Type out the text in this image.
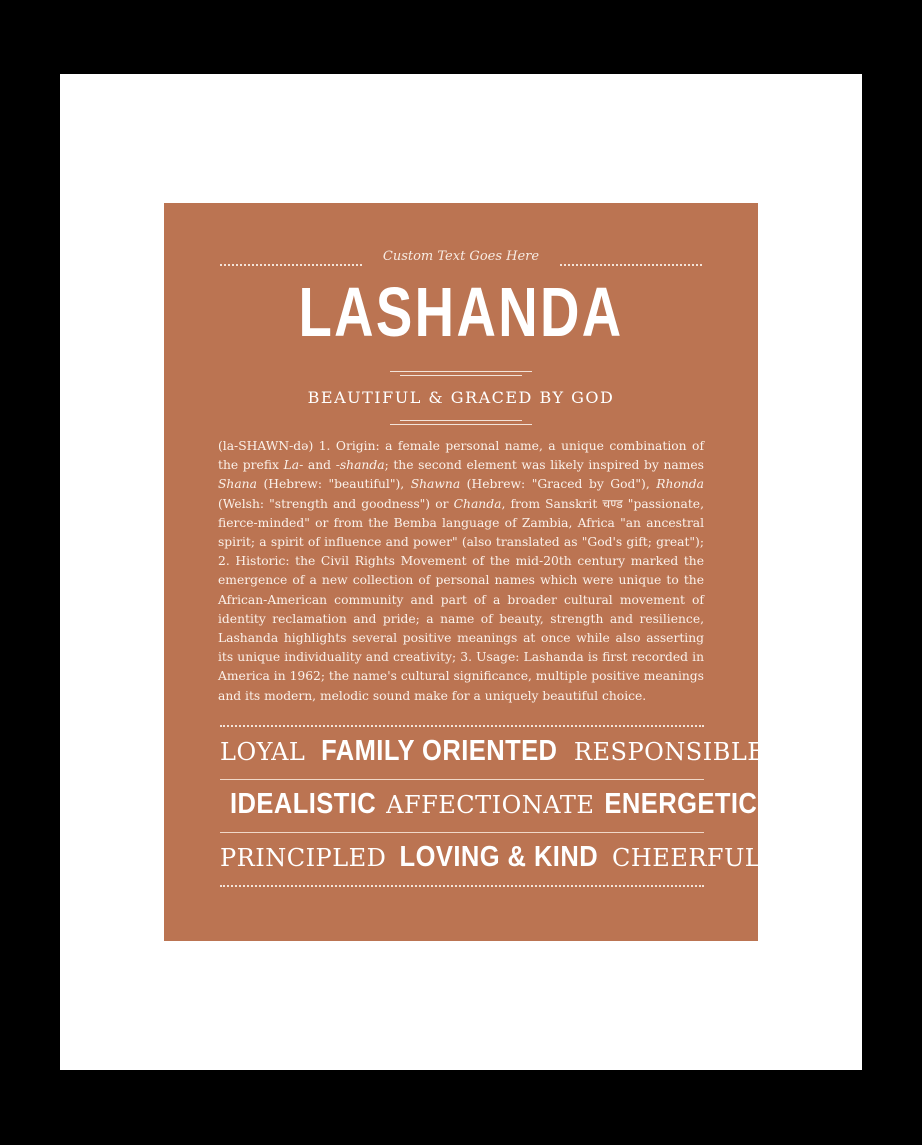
Custom Text Goes Here
LASHANDA
BEAUTIFUL & GRACED BY GOD
(la-SHAWN-də) 1. Origin: a female personal name, a unique combination of the prefix La- and -shanda; the second element was likely inspired by names Shana (Hebrew: "beautiful"), Shawna (Hebrew: "Graced by God"), Rhonda (Welsh: "strength and goodness") or Chanda, from Sanskrit चण्ड "passionate, fierce-minded" or from the Bemba language of Zambia, Africa "an ancestral spirit; a spirit of influence and power" (also translated as "God's gift; great"); 2. Historic: the Civil Rights Movement of the mid-20th century marked the emergence of a new collection of personal names which were unique to the African-American community and part of a broader cultural movement of identity reclamation and pride; a name of beauty, strength and resilience, Lashanda highlights several positive meanings at once while also asserting its unique individuality and creativity; 3. Usage: Lashanda is first recorded in America in 1962; the name's cultural significance, multiple positive meanings and its modern, melodic sound make for a uniquely beautiful choice.
LOYAL FAMILY ORIENTED RESPONSIBLE
IDEALISTIC AFFECTIONATE ENERGETIC
PRINCIPLED LOVING & KIND CHEERFUL
